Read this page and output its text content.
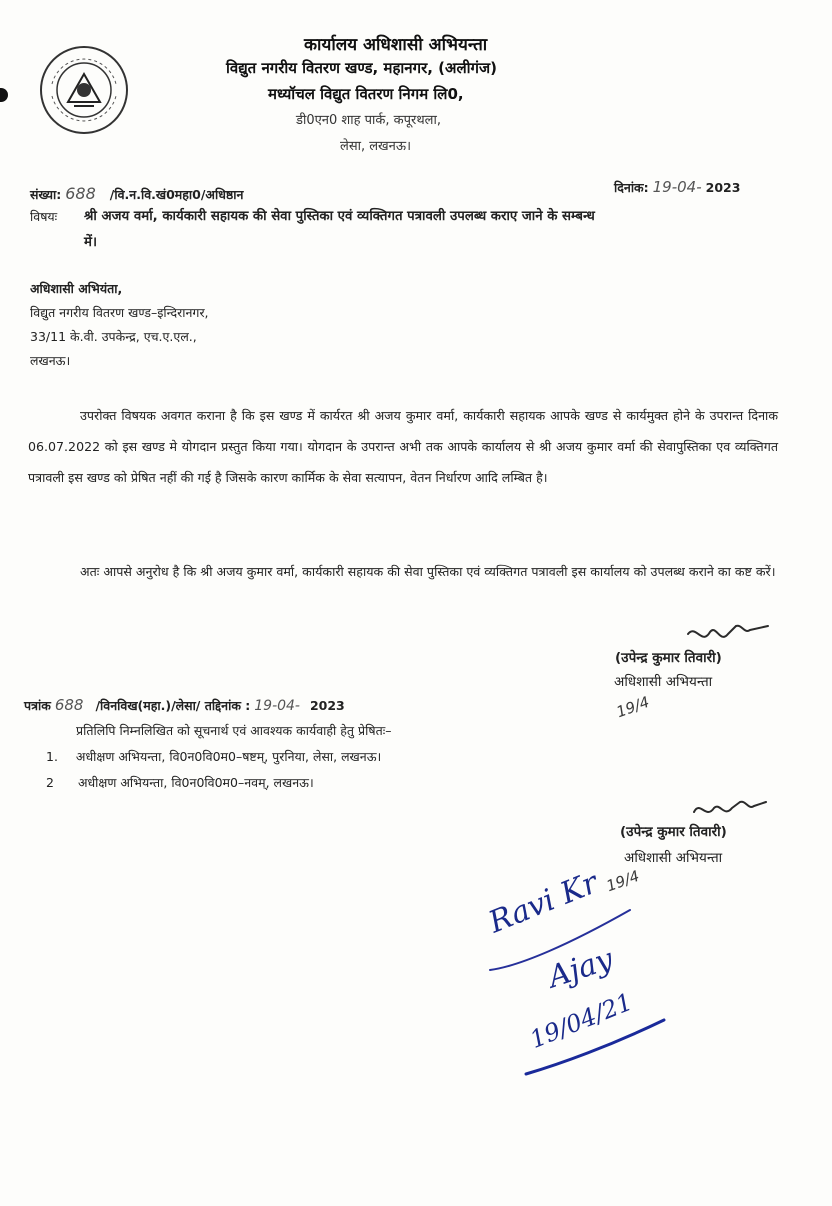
कार्यालय अधिशासी अभियन्ता
विद्युत नगरीय वितरण खण्ड, महानगर, (अलीगंज)
मध्यॉचल विद्युत वितरण निगम लि0,
डी0एन0 शाह पार्क, कपूरथला,
लेसा, लखनऊ।
संख्या: 688 /वि.न.वि.खं0महा0/अधिष्ठान	दिनांक: 19-04- 2023
विषयः श्री अजय वर्मा, कार्यकारी सहायक की सेवा पुस्तिका एवं व्यक्तिगत पत्रावली उपलब्ध कराए जाने के सम्बन्ध
में।
अधिशासी अभियंता,
विद्युत नगरीय वितरण खण्ड–इन्दिरानगर,
33/11 के.वी. उपकेन्द्र, एच.ए.एल.,
लखनऊ।
उपरोक्त विषयक अवगत कराना है कि इस खण्ड में कार्यरत श्री अजय कुमार वर्मा, कार्यकारी सहायक आपके खण्ड से कार्यमुक्त होने के उपरान्त दिनाक 06.07.2022 को इस खण्ड मे योगदान प्रस्तुत किया गया। योगदान के उपरान्त अभी तक आपके कार्यालय से श्री अजय कुमार वर्मा की सेवापुस्तिका एव व्यक्तिगत पत्रावली इस खण्ड को प्रेषित नहीं की गई है जिसके कारण कार्मिक के सेवा सत्यापन, वेतन निर्धारण आदि लम्बित है।
अतः आपसे अनुरोध है कि श्री अजय कुमार वर्मा, कार्यकारी सहायक की सेवा पुस्तिका एवं व्यक्तिगत पत्रावली इस कार्यालय को उपलब्ध कराने का कष्ट करें।
(उपेन्द्र कुमार तिवारी)
अधिशासी अभियन्ता
19/4
पत्रांक 688 /विनविख(महा.)/लेसा/ तद्दिनांक : 19-04- 2023
प्रतिलिपि निम्नलिखित को सूचनार्थ एवं आवश्यक कार्यवाही हेतु प्रेषितः–
1. अधीक्षण अभियन्ता, वि0न0वि0म0–षष्टम्, पुरनिया, लेसा, लखनऊ।
2 अधीक्षण अभियन्ता, वि0न0वि0म0–नवम्, लखनऊ।
(उपेन्द्र कुमार तिवारी)
अधिशासी अभियन्ता
19/4
Ravi Kr
Ajay
19/04/21
